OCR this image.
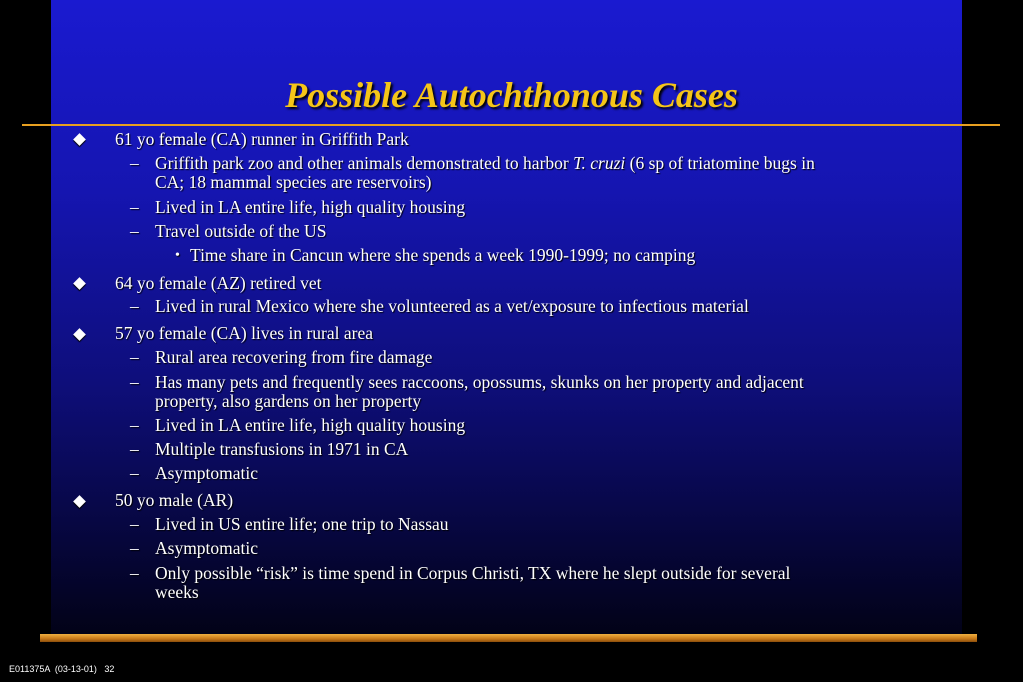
Possible Autochthonous Cases
61 yo female (CA) runner in Griffith Park
– Griffith park zoo and other animals demonstrated to harbor T. cruzi (6 sp of triatomine bugs in
CA; 18 mammal species are reservoirs)
– Lived in LA entire life, high quality housing
– Travel outside of the US
• Time share in Cancun where she spends a week 1990-1999; no camping
64 yo female (AZ) retired vet
– Lived in rural Mexico where she volunteered as a vet/exposure to infectious material
57 yo female (CA) lives in rural area
– Rural area recovering from fire damage
– Has many pets and frequently sees raccoons, opossums, skunks on her property and adjacent
property, also gardens on her property
– Lived in LA entire life, high quality housing
– Multiple transfusions in 1971 in CA
– Asymptomatic
50 yo male (AR)
– Lived in US entire life; one trip to Nassau
– Asymptomatic
– Only possible “risk” is time spend in Corpus Christi, TX where he slept outside for several
weeks
E011375A  (03-13-01)   32
